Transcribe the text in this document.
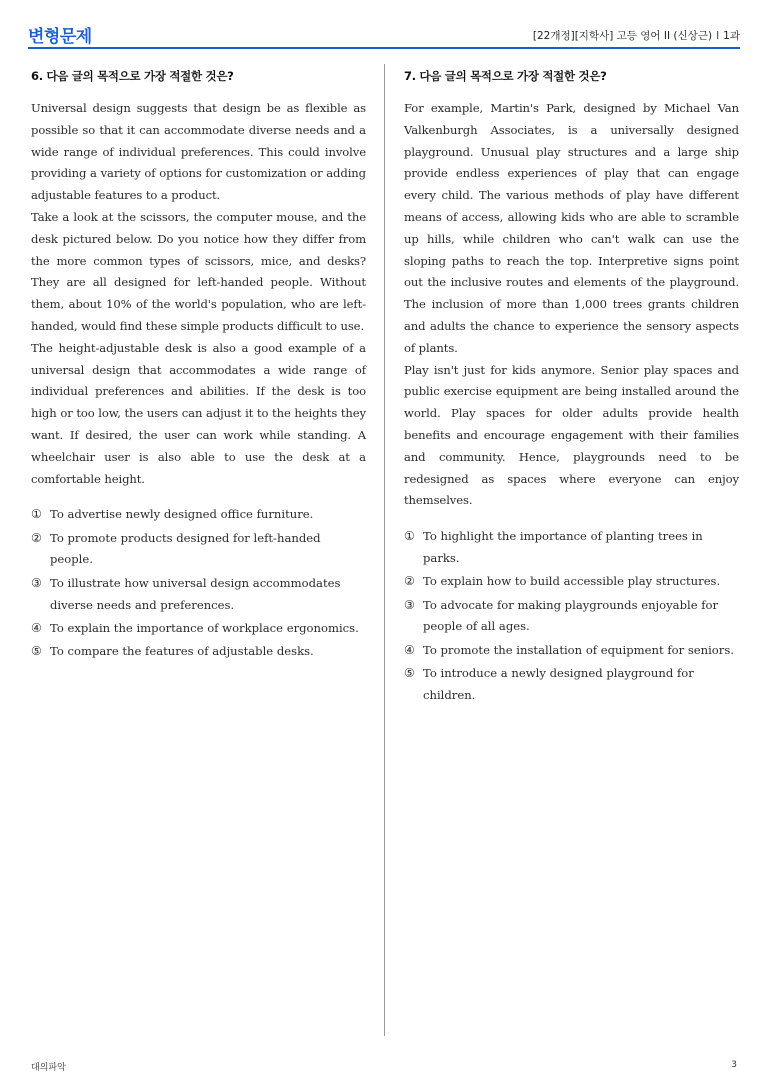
변형문제	[22개정][지학사] 고등 영어 II (신상근) I 1과
6. 다음 글의 목적으로 가장 적절한 것은?

Universal design suggests that design be as flexible as possible so that it can accommodate diverse needs and a wide range of individual preferences. This could involve providing a variety of options for customization or adding adjustable features to a product.

Take a look at the scissors, the computer mouse, and the desk pictured below. Do you notice how they differ from the more common types of scissors, mice, and desks? They are all designed for left-handed people. Without them, about 10% of the world's population, who are left-handed, would find these simple products difficult to use.

The height-adjustable desk is also a good example of a universal design that accommodates a wide range of individual preferences and abilities. If the desk is too high or too low, the users can adjust it to the heights they want. If desired, the user can work while standing. A wheelchair user is also able to use the desk at a comfortable height.

① To advertise newly designed office furniture.
② To promote products designed for left-handed people.
③ To illustrate how universal design accommodates diverse needs and preferences.
④ To explain the importance of workplace ergonomics.
⑤ To compare the features of adjustable desks.
7. 다음 글의 목적으로 가장 적절한 것은?

For example, Martin's Park, designed by Michael Van Valkenburgh Associates, is a universally designed playground. Unusual play structures and a large ship provide endless experiences of play that can engage every child. The various methods of play have different means of access, allowing kids who are able to scramble up hills, while children who can't walk can use the sloping paths to reach the top. Interpretive signs point out the inclusive routes and elements of the playground. The inclusion of more than 1,000 trees grants children and adults the chance to experience the sensory aspects of plants.

Play isn't just for kids anymore. Senior play spaces and public exercise equipment are being installed around the world. Play spaces for older adults provide health benefits and encourage engagement with their families and community. Hence, playgrounds need to be redesigned as spaces where everyone can enjoy themselves.

① To highlight the importance of planting trees in parks.
② To explain how to build accessible play structures.
③ To advocate for making playgrounds enjoyable for people of all ages.
④ To promote the installation of equipment for seniors.
⑤ To introduce a newly designed playground for children.
대의파악	3
